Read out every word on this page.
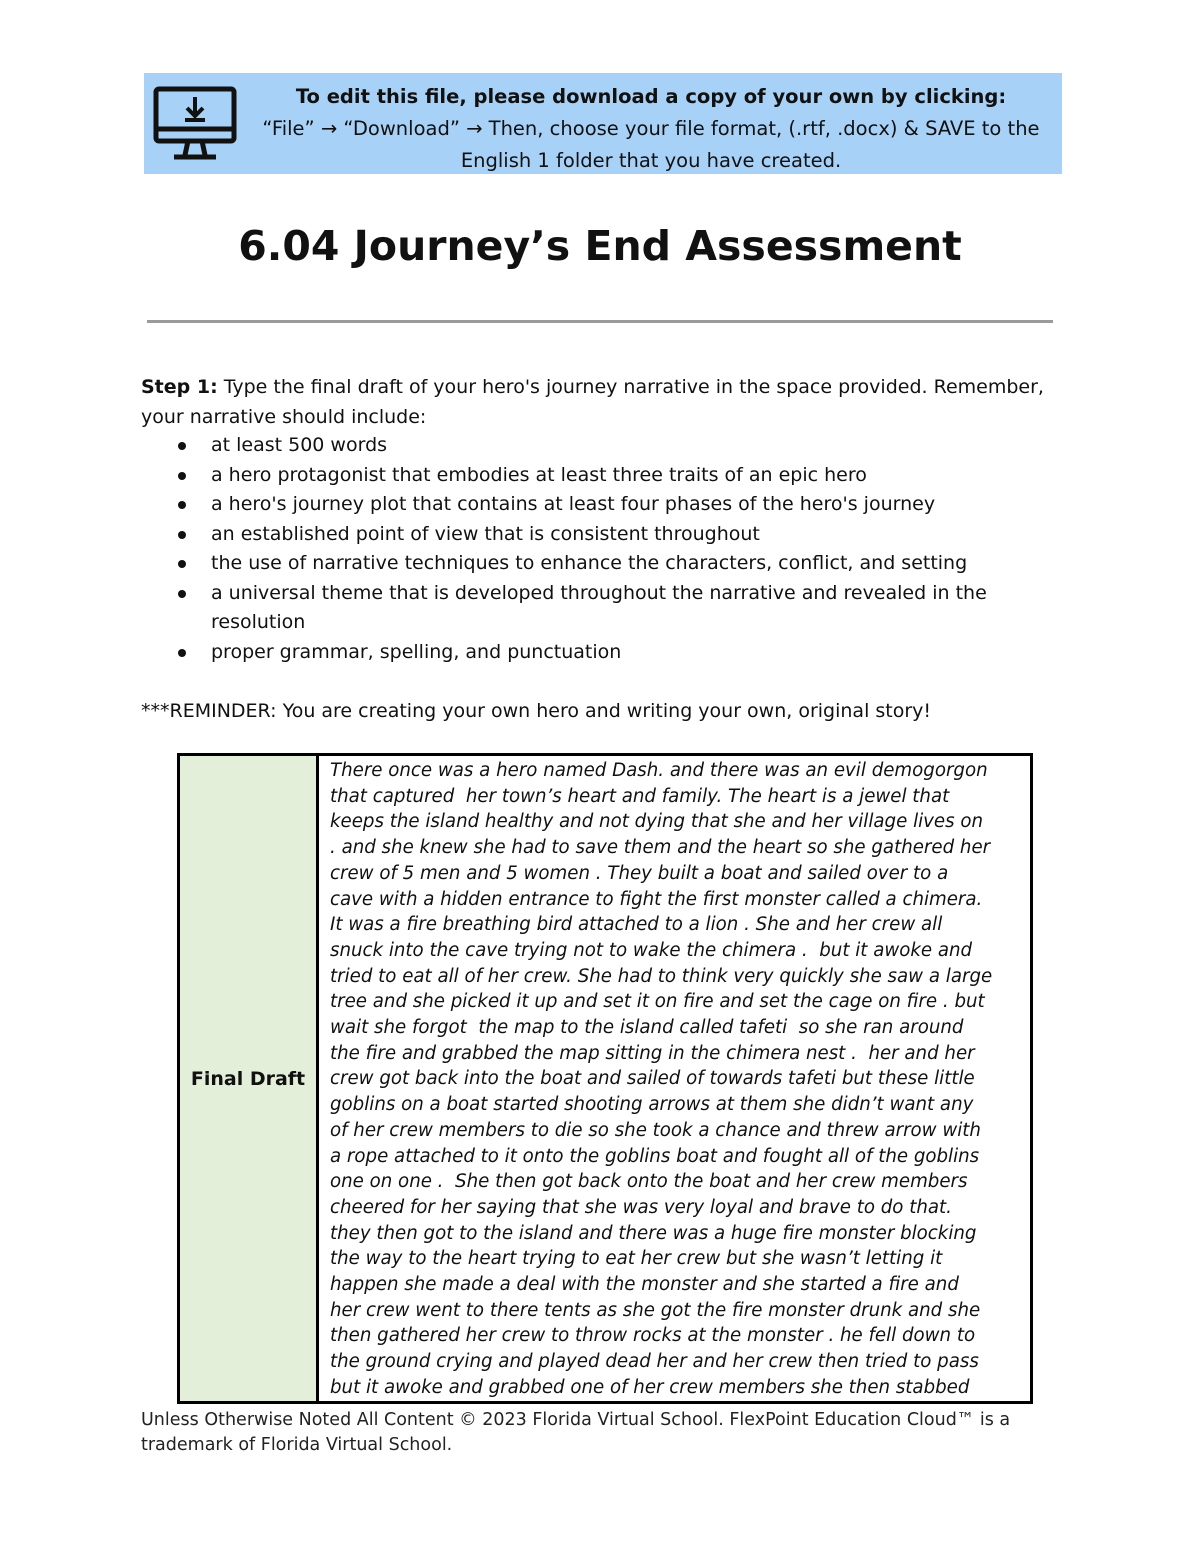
To edit this file, please download a copy of your own by clicking:
“File” → “Download” → Then, choose your file format, (.rtf, .docx) & SAVE to the
English 1 folder that you have created.
6.04 Journey’s End Assessment
Step 1: Type the final draft of your hero's journey narrative in the space provided. Remember, your narrative should include:
at least 500 words
a hero protagonist that embodies at least three traits of an epic hero
a hero's journey plot that contains at least four phases of the hero's journey
an established point of view that is consistent throughout
the use of narrative techniques to enhance the characters, conflict, and setting
a universal theme that is developed throughout the narrative and revealed in the resolution
proper grammar, spelling, and punctuation
***REMINDER: You are creating your own hero and writing your own, original story!
Final Draft
There once was a hero named Dash. and there was an evil demogorgon
that captured  her town’s heart and family. The heart is a jewel that
keeps the island healthy and not dying that she and her village lives on
. and she knew she had to save them and the heart so she gathered her
crew of 5 men and 5 women . They built a boat and sailed over to a
cave with a hidden entrance to fight the first monster called a chimera.
It was a fire breathing bird attached to a lion . She and her crew all
snuck into the cave trying not to wake the chimera .  but it awoke and
tried to eat all of her crew. She had to think very quickly she saw a large
tree and she picked it up and set it on fire and set the cage on fire . but
wait she forgot  the map to the island called tafeti  so she ran around
the fire and grabbed the map sitting in the chimera nest .  her and her
crew got back into the boat and sailed of towards tafeti but these little
goblins on a boat started shooting arrows at them she didn’t want any
of her crew members to die so she took a chance and threw arrow with
a rope attached to it onto the goblins boat and fought all of the goblins
one on one .  She then got back onto the boat and her crew members
cheered for her saying that she was very loyal and brave to do that.
they then got to the island and there was a huge fire monster blocking
the way to the heart trying to eat her crew but she wasn’t letting it
happen she made a deal with the monster and she started a fire and
her crew went to there tents as she got the fire monster drunk and she
then gathered her crew to throw rocks at the monster . he fell down to
the ground crying and played dead her and her crew then tried to pass
but it awoke and grabbed one of her crew members she then stabbed
Unless Otherwise Noted All Content © 2023 Florida Virtual School. FlexPoint Education Cloud™ is a
trademark of Florida Virtual School.
